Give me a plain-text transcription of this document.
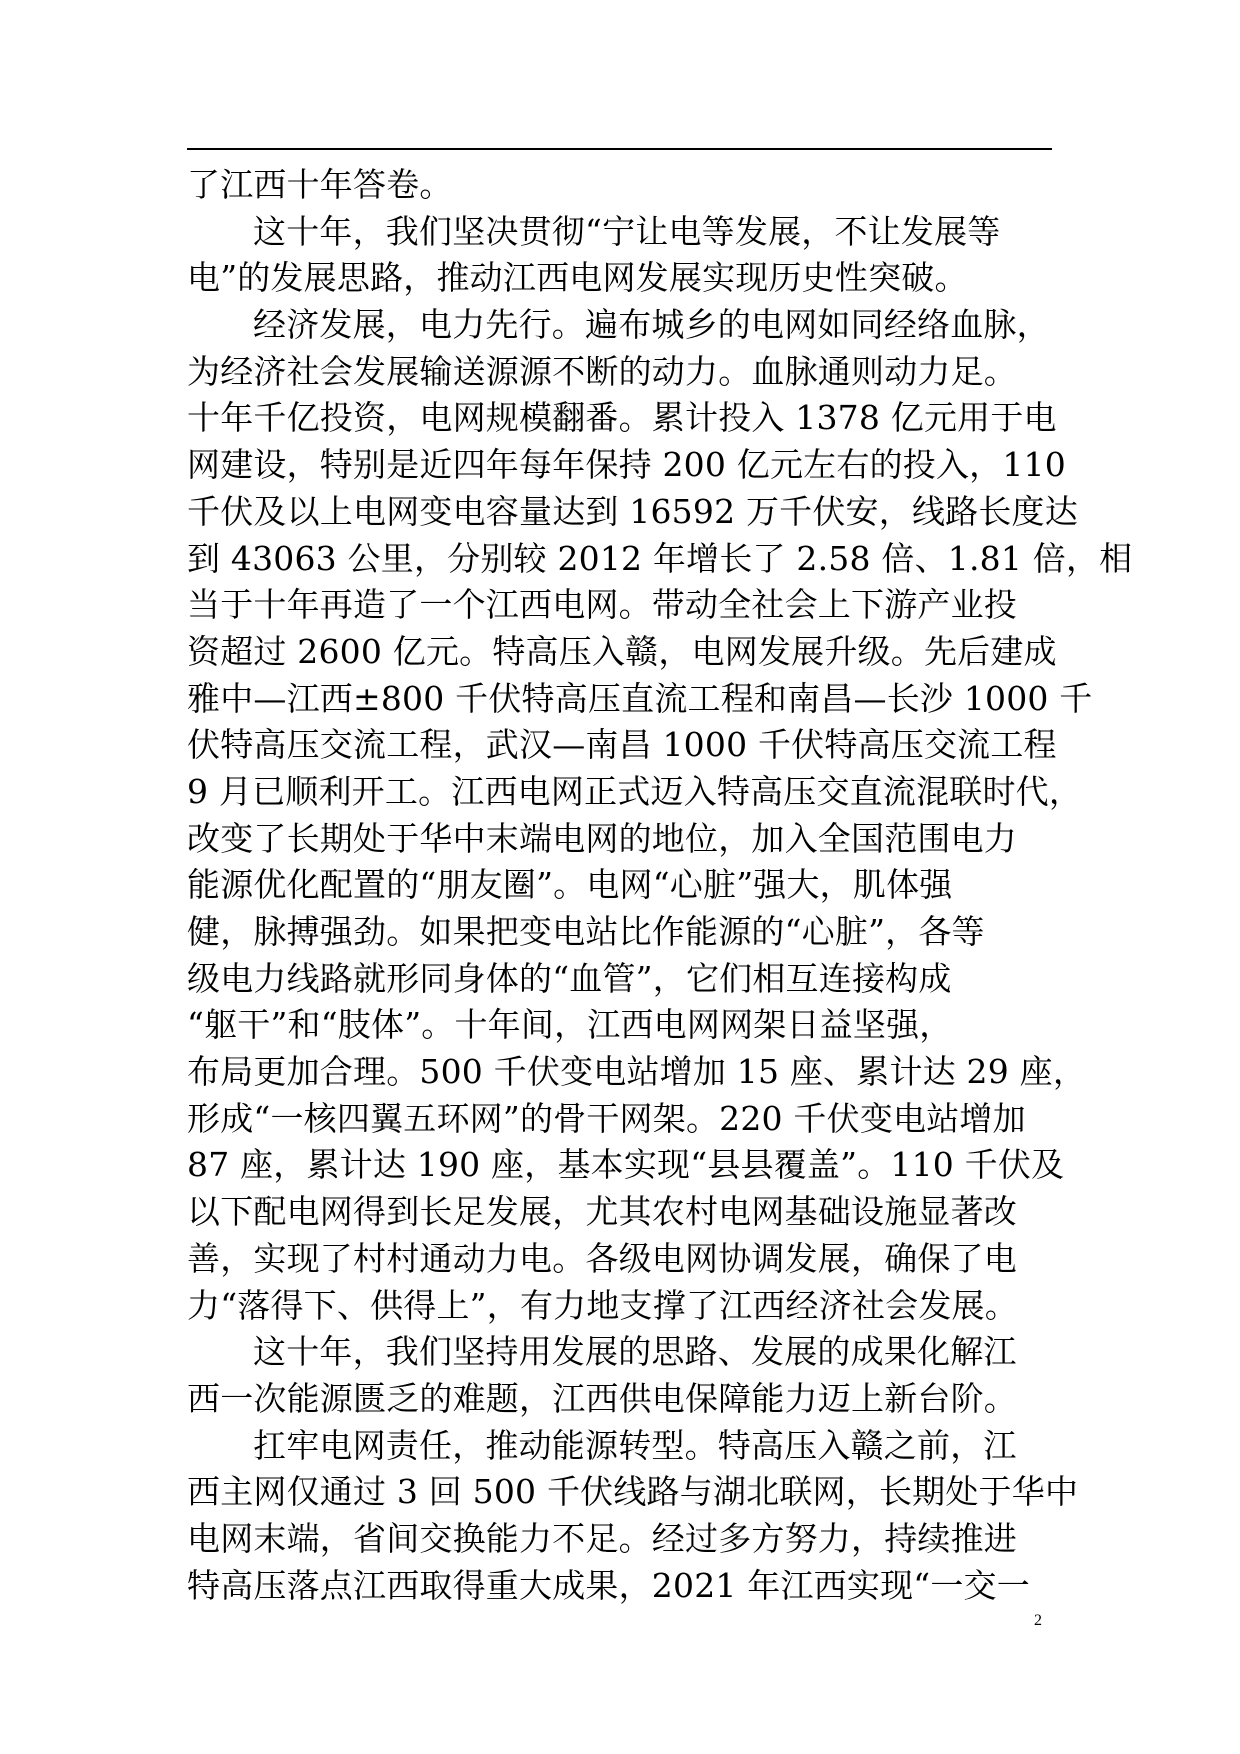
了江西十年答卷。
这十年，我们坚决贯彻“宁让电等发展，不让发展等
电”的发展思路，推动江西电网发展实现历史性突破。
经济发展，电力先行。遍布城乡的电网如同经络血脉，
为经济社会发展输送源源不断的动力。血脉通则动力足。
十年千亿投资，电网规模翻番。累计投入 1378 亿元用于电
网建设，特别是近四年每年保持 200 亿元左右的投入，110
千伏及以上电网变电容量达到 16592 万千伏安，线路长度达
到 43063 公里，分别较 2012 年增长了 2.58 倍、1.81 倍，相
当于十年再造了一个江西电网。带动全社会上下游产业投
资超过 2600 亿元。特高压入赣，电网发展升级。先后建成
雅中—江西±800 千伏特高压直流工程和南昌—长沙 1000 千
伏特高压交流工程，武汉—南昌 1000 千伏特高压交流工程
9 月已顺利开工。江西电网正式迈入特高压交直流混联时代，
改变了长期处于华中末端电网的地位，加入全国范围电力
能源优化配置的“朋友圈”。电网“心脏”强大，肌体强
健，脉搏强劲。如果把变电站比作能源的“心脏”，各等
级电力线路就形同身体的“血管”，它们相互连接构成
“躯干”和“肢体”。十年间，江西电网网架日益坚强，
布局更加合理。500 千伏变电站增加 15 座、累计达 29 座，
形成“一核四翼五环网”的骨干网架。220 千伏变电站增加
87 座，累计达 190 座，基本实现“县县覆盖”。110 千伏及
以下配电网得到长足发展，尤其农村电网基础设施显著改
善，实现了村村通动力电。各级电网协调发展，确保了电
力“落得下、供得上”，有力地支撑了江西经济社会发展。
这十年，我们坚持用发展的思路、发展的成果化解江
西一次能源匮乏的难题，江西供电保障能力迈上新台阶。
扛牢电网责任，推动能源转型。特高压入赣之前，江
西主网仅通过 3 回 500 千伏线路与湖北联网，长期处于华中
电网末端，省间交换能力不足。经过多方努力，持续推进
特高压落点江西取得重大成果，2021 年江西实现“一交一
2
